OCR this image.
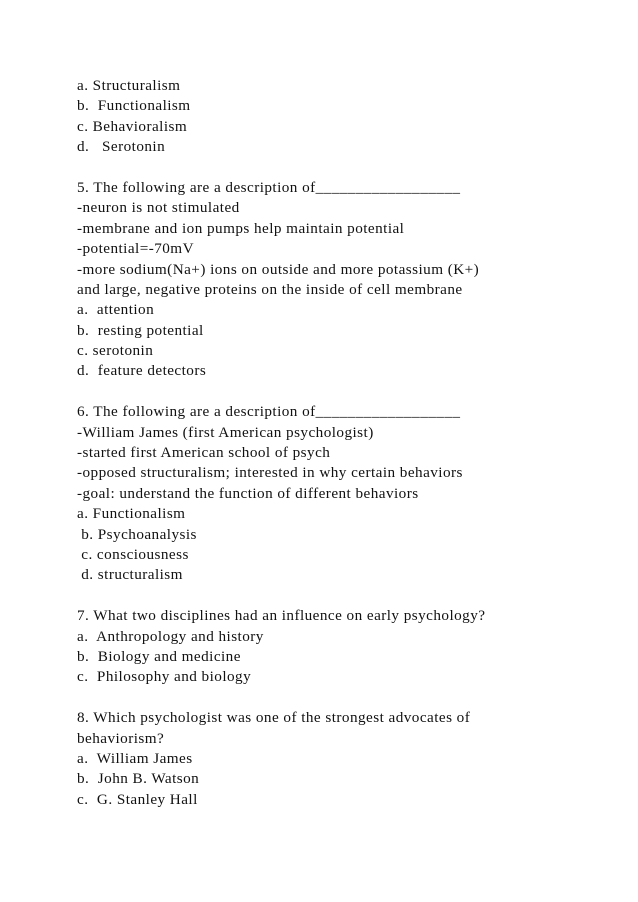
a. Structuralism
b.  Functionalism
c. Behavioralism
d.   Serotonin
5. The following are a description of__________________
-neuron is not stimulated
-membrane and ion pumps help maintain potential
-potential=-70mV
-more sodium(Na+) ions on outside and more potassium (K+)
and large, negative proteins on the inside of cell membrane
a.  attention
b.  resting potential
c. serotonin
d.  feature detectors
6. The following are a description of__________________
-William James (first American psychologist)
-started first American school of psych
-opposed structuralism; interested in why certain behaviors
-goal: understand the function of different behaviors
a. Functionalism
b. Psychoanalysis
c. consciousness
d. structuralism
7. What two disciplines had an influence on early psychology?
a.  Anthropology and history
b.  Biology and medicine
c.  Philosophy and biology
8. Which psychologist was one of the strongest advocates of
behaviorism?
a.  William James
b.  John B. Watson
c.  G. Stanley Hall
